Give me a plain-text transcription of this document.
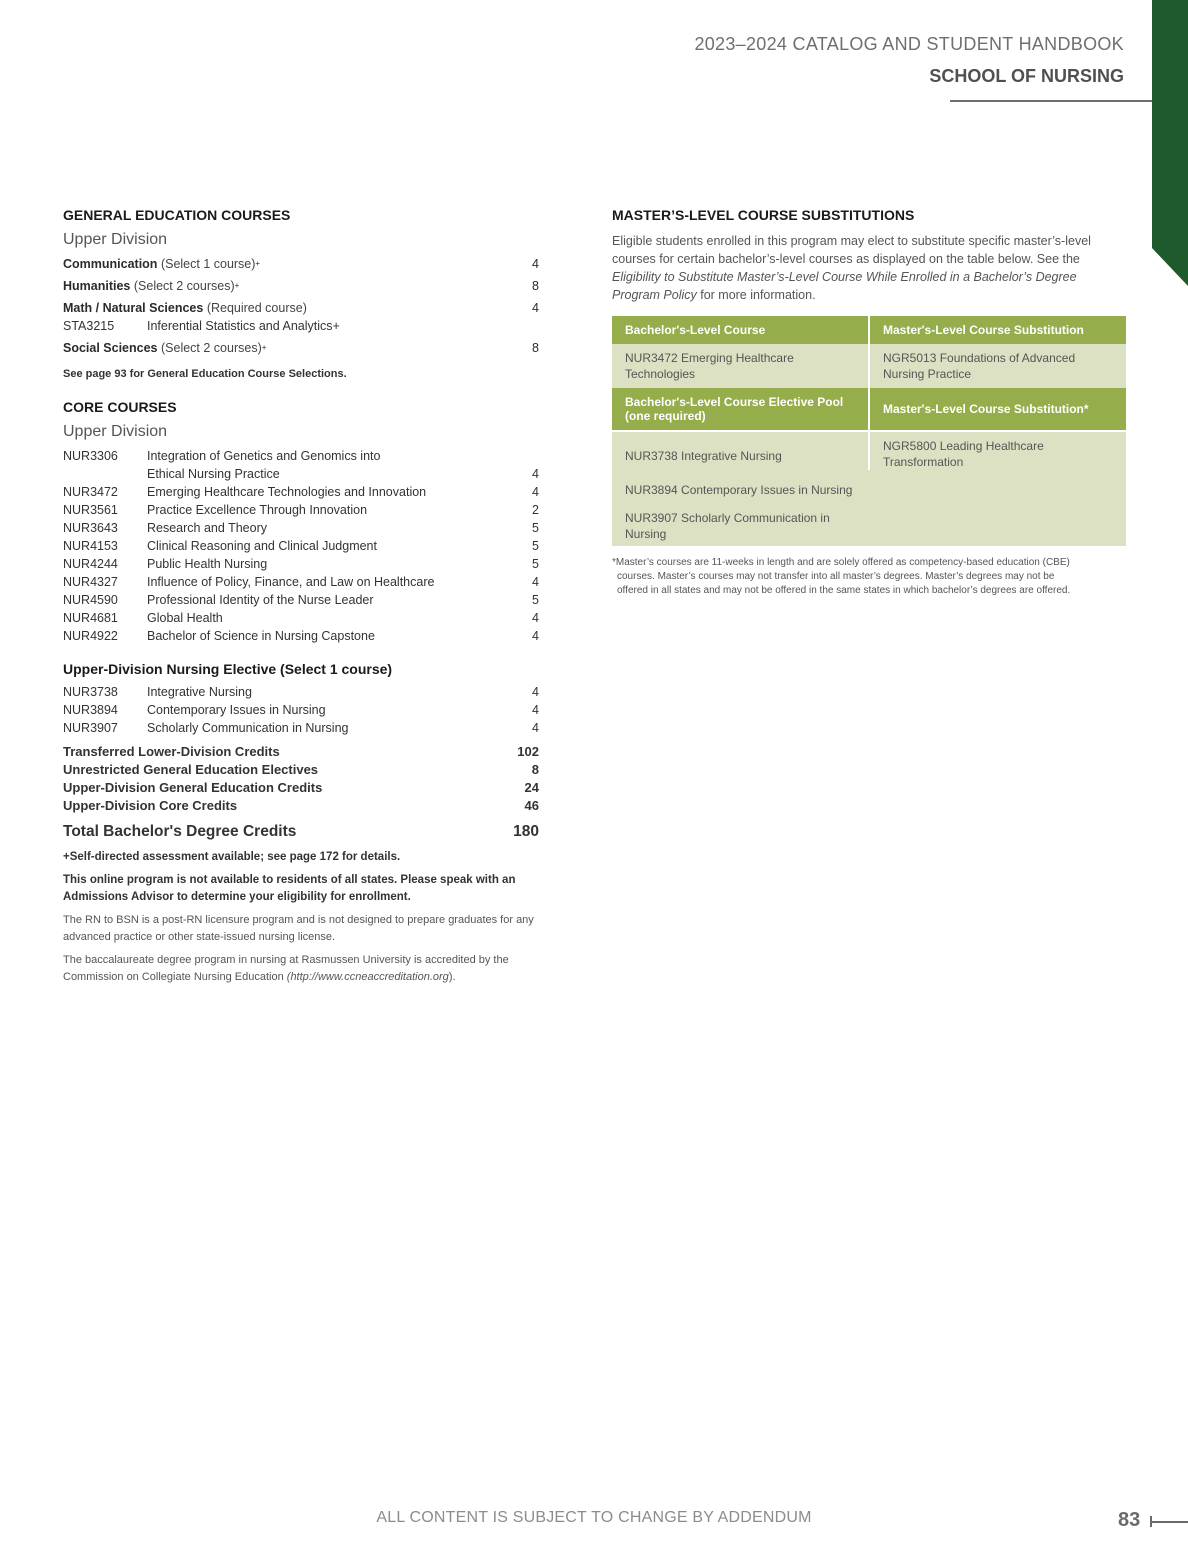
2023–2024 CATALOG AND STUDENT HANDBOOK
SCHOOL OF NURSING
GENERAL EDUCATION COURSES
Upper Division
Communication (Select 1 course)+	4
Humanities (Select 2 courses)+	8
Math / Natural Sciences (Required course)	4
STA3215	Inferential Statistics and Analytics+
Social Sciences (Select 2 courses)+	8
See page 93 for General Education Course Selections.
CORE COURSES
Upper Division
NUR3306	Integration of Genetics and Genomics into
Ethical Nursing Practice	4
NUR3472	Emerging Healthcare Technologies and Innovation	4
NUR3561	Practice Excellence Through Innovation	2
NUR3643	Research and Theory	5
NUR4153	Clinical Reasoning and Clinical Judgment	5
NUR4244	Public Health Nursing	5
NUR4327	Influence of Policy, Finance, and Law on Healthcare	4
NUR4590	Professional Identity of the Nurse Leader	5
NUR4681	Global Health	4
NUR4922	Bachelor of Science in Nursing Capstone	4
Upper-Division Nursing Elective (Select 1 course)
NUR3738	Integrative Nursing	4
NUR3894	Contemporary Issues in Nursing	4
NUR3907	Scholarly Communication in Nursing	4
Transferred Lower-Division Credits	102
Unrestricted General Education Electives	8
Upper-Division General Education Credits	24
Upper-Division Core Credits	46
Total Bachelor's Degree Credits	180
+Self-directed assessment available; see page 172 for details.
This online program is not available to residents of all states. Please speak with an Admissions Advisor to determine your eligibility for enrollment.
The RN to BSN is a post-RN licensure program and is not designed to prepare graduates for any advanced practice or other state-issued nursing license.
The baccalaureate degree program in nursing at Rasmussen University is accredited by the Commission on Collegiate Nursing Education (http://www.ccneaccreditation.org).
MASTER’S-LEVEL COURSE SUBSTITUTIONS
Eligible students enrolled in this program may elect to substitute specific master’s-level courses for certain bachelor’s-level courses as displayed on the table below. See the Eligibility to Substitute Master’s-Level Course While Enrolled in a Bachelor’s Degree Program Policy for more information.
Bachelor's-Level Course	Master's-Level Course Substitution
NUR3472 Emerging Healthcare Technologies	NGR5013 Foundations of Advanced Nursing Practice
Bachelor's-Level Course Elective Pool (one required)	Master's-Level Course Substitution*
NUR3738 Integrative Nursing	NGR5800 Leading Healthcare Transformation
NUR3894 Contemporary Issues in Nursing	
NUR3907 Scholarly Communication in Nursing	
*Master’s courses are 11-weeks in length and are solely offered as competency-based education (CBE)
courses. Master’s courses may not transfer into all master’s degrees. Master’s degrees may not be
offered in all states and may not be offered in the same states in which bachelor’s degrees are offered.
ALL CONTENT IS SUBJECT TO CHANGE BY ADDENDUM	83
